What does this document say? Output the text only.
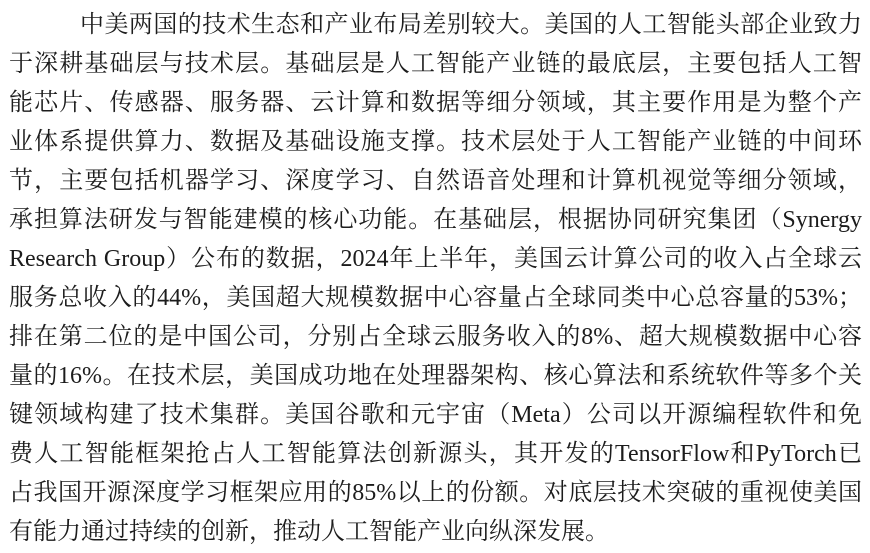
中美两国的技术生态和产业布局差别较大。美国的人工智能头部企业致力
于深耕基础层与技术层。基础层是人工智能产业链的最底层，主要包括人工智
能芯片、传感器、服务器、云计算和数据等细分领域，其主要作用是为整个产
业体系提供算力、数据及基础设施支撑。技术层处于人工智能产业链的中间环
节，主要包括机器学习、深度学习、自然语音处理和计算机视觉等细分领域，
承担算法研发与智能建模的核心功能。在基础层，根据协同研究集团（Synergy
Research Group）公布的数据，2024年上半年，美国云计算公司的收入占全球云
服务总收入的44%，美国超大规模数据中心容量占全球同类中心总容量的53%；
排在第二位的是中国公司，分别占全球云服务收入的8%、超大规模数据中心容
量的16%。在技术层，美国成功地在处理器架构、核心算法和系统软件等多个关
键领域构建了技术集群。美国谷歌和元宇宙（Meta）公司以开源编程软件和免
费人工智能框架抢占人工智能算法创新源头，其开发的TensorFlow和PyTorch已
占我国开源深度学习框架应用的85%以上的份额。对底层技术突破的重视使美国
有能力通过持续的创新，推动人工智能产业向纵深发展。
